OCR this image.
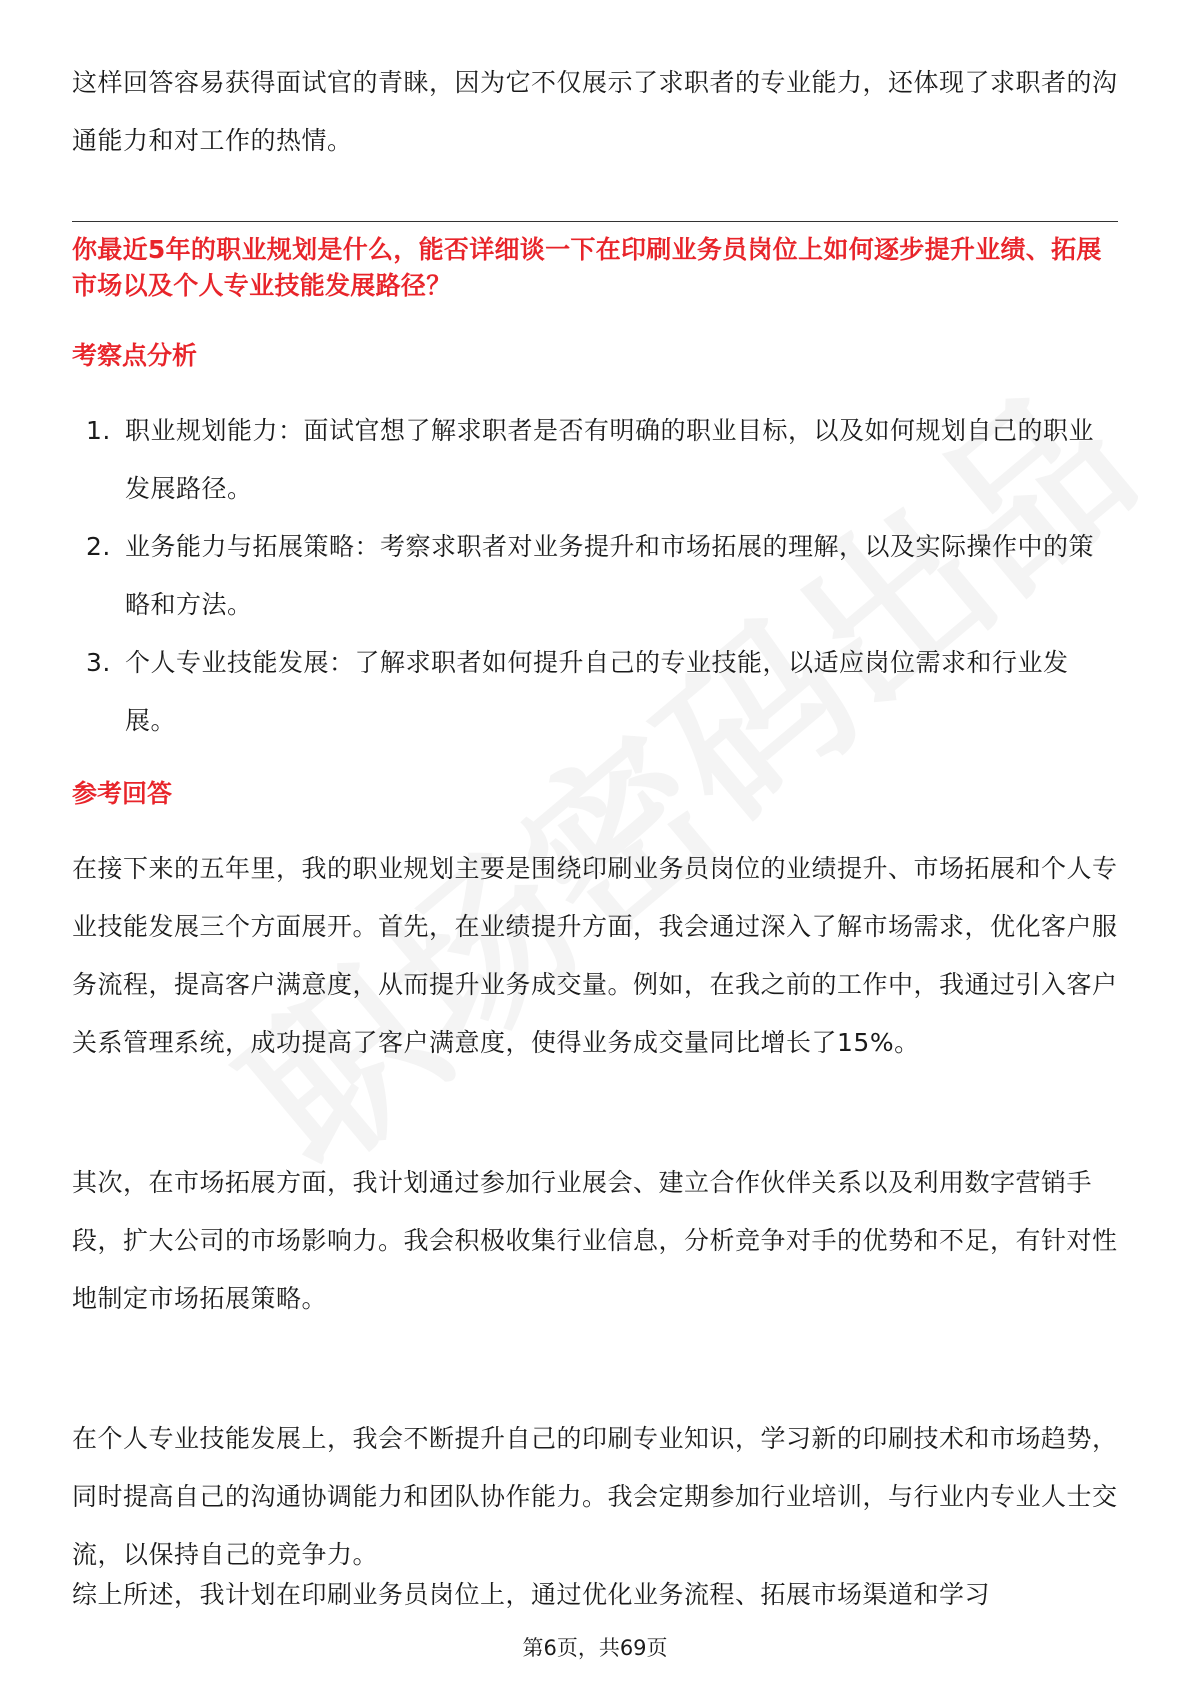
这样回答容易获得面试官的青睐，因为它不仅展示了求职者的专业能力，还体现了求职者的沟通能力和对工作的热情。

你最近5年的职业规划是什么，能否详细谈一下在印刷业务员岗位上如何逐步提升业绩、拓展市场以及个人专业技能发展路径？

考察点分析

1. 职业规划能力：面试官想了解求职者是否有明确的职业目标，以及如何规划自己的职业发展路径。
2. 业务能力与拓展策略：考察求职者对业务提升和市场拓展的理解，以及实际操作中的策略和方法。
3. 个人专业技能发展：了解求职者如何提升自己的专业技能，以适应岗位需求和行业发展。

参考回答

在接下来的五年里，我的职业规划主要是围绕印刷业务员岗位的业绩提升、市场拓展和个人专业技能发展三个方面展开。首先，在业绩提升方面，我会通过深入了解市场需求，优化客户服务流程，提高客户满意度，从而提升业务成交量。例如，在我之前的工作中，我通过引入客户关系管理系统，成功提高了客户满意度，使得业务成交量同比增长了15%。

其次，在市场拓展方面，我计划通过参加行业展会、建立合作伙伴关系以及利用数字营销手段，扩大公司的市场影响力。我会积极收集行业信息，分析竞争对手的优势和不足，有针对性地制定市场拓展策略。

在个人专业技能发展上，我会不断提升自己的印刷专业知识，学习新的印刷技术和市场趋势，同时提高自己的沟通协调能力和团队协作能力。我会定期参加行业培训，与行业内专业人士交流，以保持自己的竞争力。

综上所述，我计划在印刷业务员岗位上，通过优化业务流程、拓展市场渠道和学习

第6页，共69页
